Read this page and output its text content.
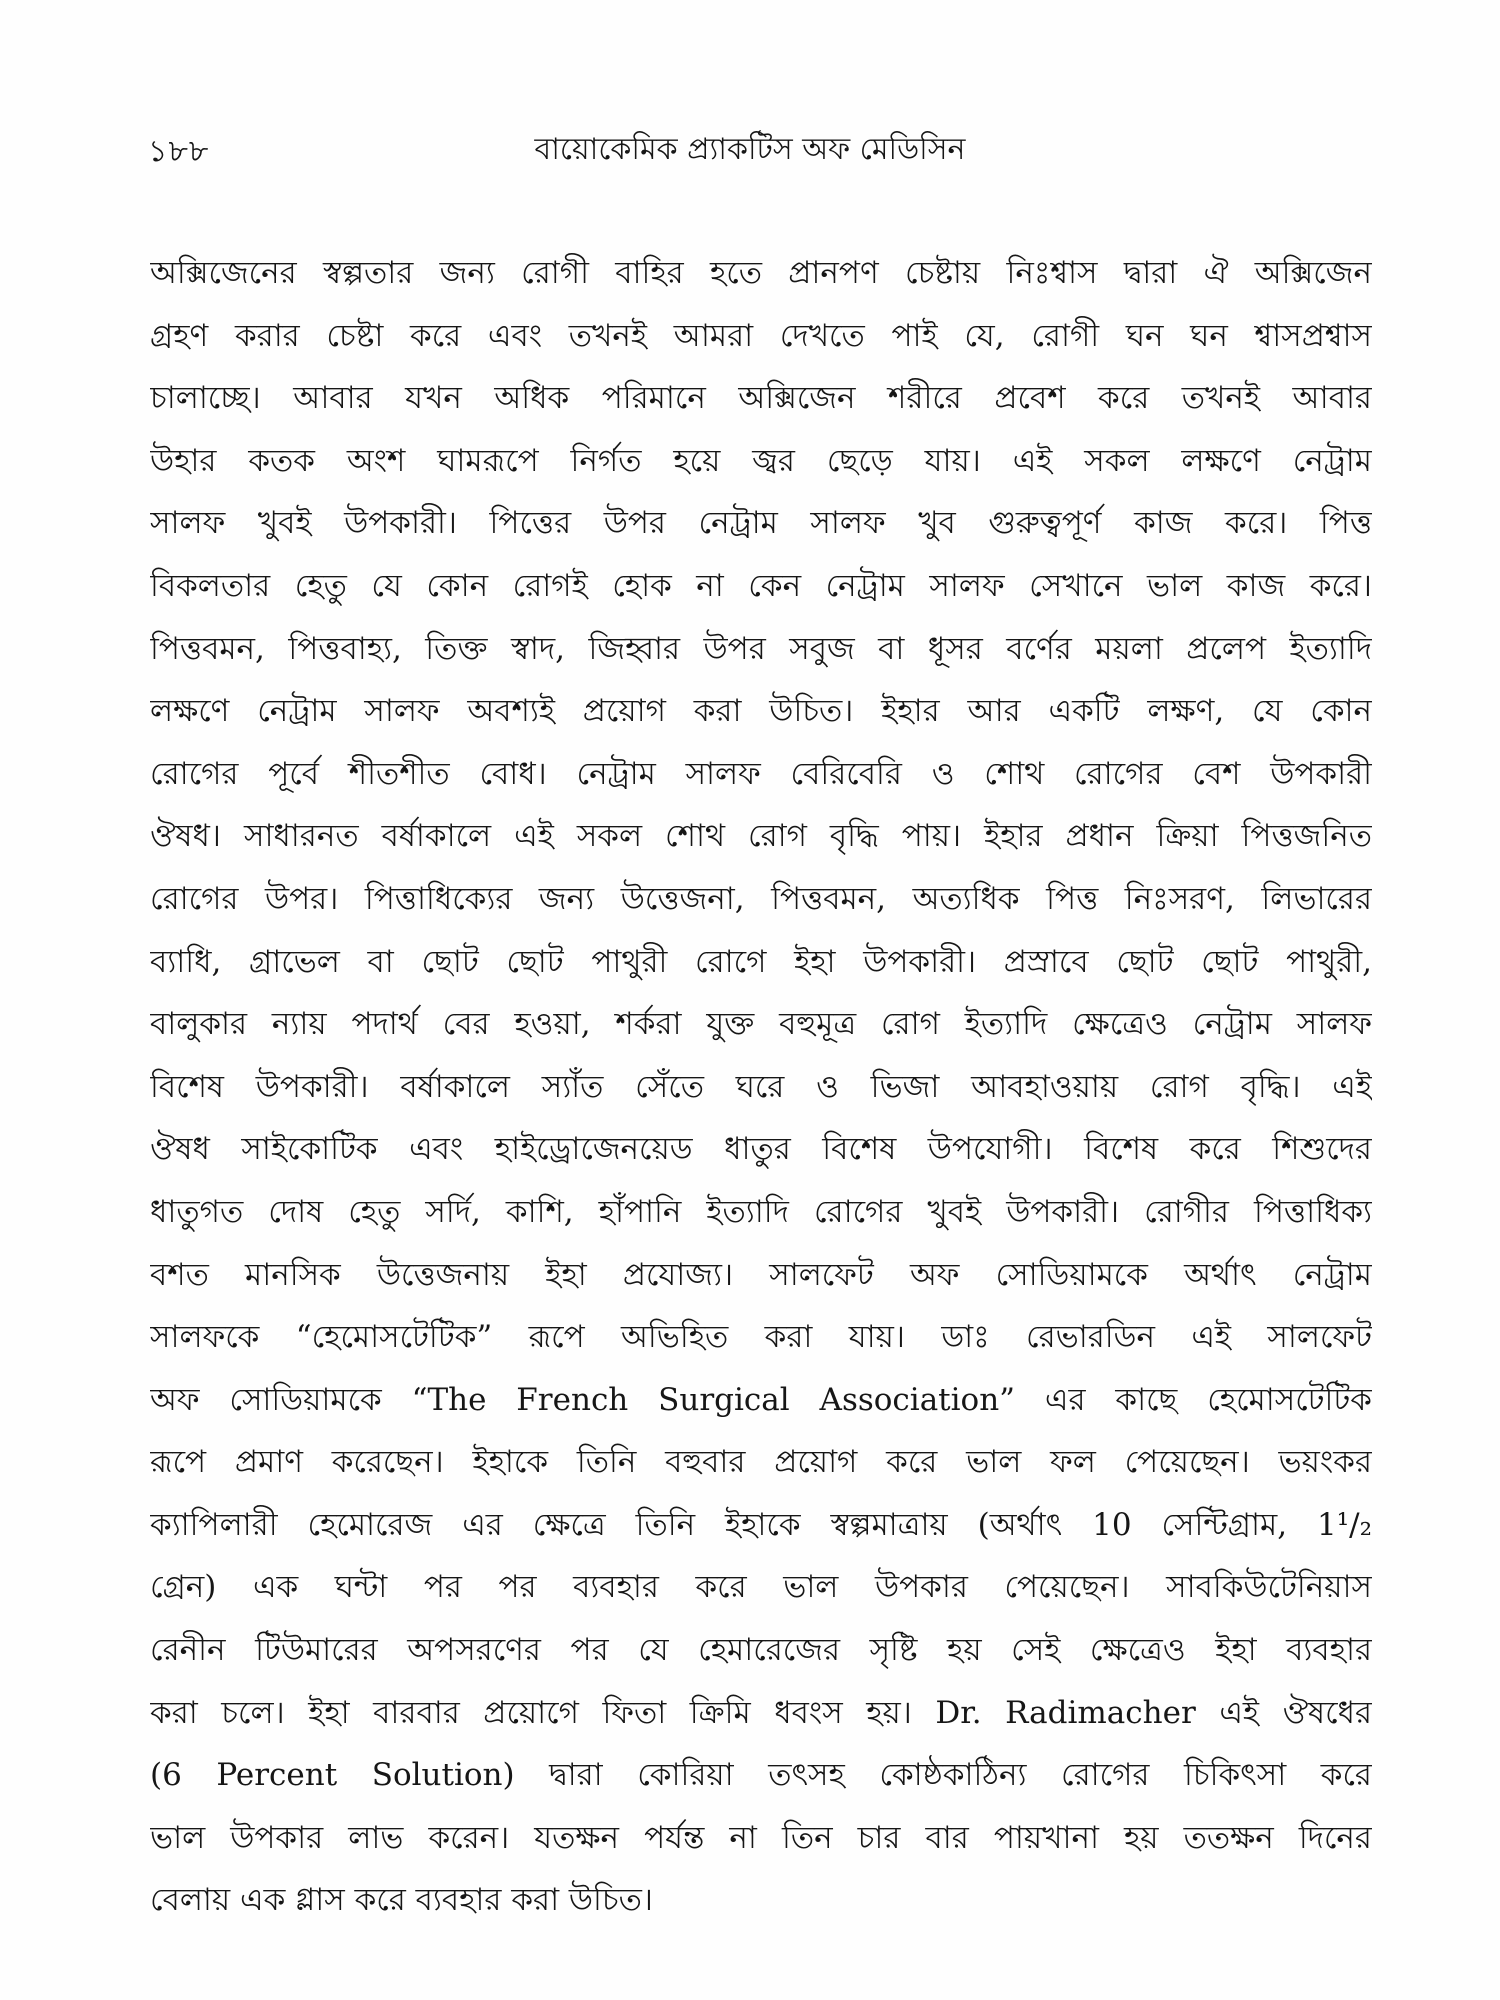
১৮৮	বায়োকেমিক প্র্যাকটিস অফ মেডিসিন
অক্সিজেনের স্বল্পতার জন্য রোগী বাহির হতে প্রানপণ চেষ্টায় নিঃশ্বাস দ্বারা ঐ অক্সিজেন
গ্রহণ করার চেষ্টা করে এবং তখনই আমরা দেখতে পাই যে, রোগী ঘন ঘন শ্বাসপ্রশ্বাস
চালাচ্ছে। আবার যখন অধিক পরিমানে অক্সিজেন শরীরে প্রবেশ করে তখনই আবার
উহার কতক অংশ ঘামরূপে নির্গত হয়ে জ্বর ছেড়ে যায়। এই সকল লক্ষণে নেট্রাম
সালফ খুবই উপকারী। পিত্তের উপর নেট্রাম সালফ খুব গুরুত্বপূর্ণ কাজ করে। পিত্ত
বিকলতার হেতু যে কোন রোগই হোক না কেন নেট্রাম সালফ সেখানে ভাল কাজ করে।
পিত্তবমন, পিত্তবাহ্য, তিক্ত স্বাদ, জিহ্বার উপর সবুজ বা ধূসর বর্ণের ময়লা প্রলেপ ইত্যাদি
লক্ষণে নেট্রাম সালফ অবশ্যই প্রয়োগ করা উচিত। ইহার আর একটি লক্ষণ, যে কোন
রোগের পূর্বে শীতশীত বোধ। নেট্রাম সালফ বেরিবেরি ও শোথ রোগের বেশ উপকারী
ঔষধ। সাধারনত বর্ষাকালে এই সকল শোথ রোগ বৃদ্ধি পায়। ইহার প্রধান ক্রিয়া পিত্তজনিত
রোগের উপর। পিত্তাধিক্যের জন্য উত্তেজনা, পিত্তবমন, অত্যধিক পিত্ত নিঃসরণ, লিভারের
ব্যাধি, গ্রাভেল বা ছোট ছোট পাথুরী রোগে ইহা উপকারী। প্রস্রাবে ছোট ছোট পাথুরী,
বালুকার ন্যায় পদার্থ বের হওয়া, শর্করা যুক্ত বহুমূত্র রোগ ইত্যাদি ক্ষেত্রেও নেট্রাম সালফ
বিশেষ উপকারী। বর্ষাকালে স্যাঁত সেঁতে ঘরে ও ভিজা আবহাওয়ায় রোগ বৃদ্ধি। এই
ঔষধ সাইকোটিক এবং হাইড্রোজেনয়েড ধাতুর বিশেষ উপযোগী। বিশেষ করে শিশুদের
ধাতুগত দোষ হেতু সর্দি, কাশি, হাঁপানি ইত্যাদি রোগের খুবই উপকারী। রোগীর পিত্তাধিক্য
বশত মানসিক উত্তেজনায় ইহা প্রযোজ্য। সালফেট অফ সোডিয়ামকে অর্থাৎ নেট্রাম
সালফকে “হেমোসটেটিক” রূপে অভিহিত করা যায়। ডাঃ রেভারডিন এই সালফেট
অফ সোডিয়ামকে “The French Surgical Association” এর কাছে হেমোসটেটিক
রূপে প্রমাণ করেছেন। ইহাকে তিনি বহুবার প্রয়োগ করে ভাল ফল পেয়েছেন। ভয়ংকর
ক্যাপিলারী হেমোরেজ এর ক্ষেত্রে তিনি ইহাকে স্বল্পমাত্রায় (অর্থাৎ 10 সেন্টিগ্রাম, 1¹/₂
গ্রেন) এক ঘন্টা পর পর ব্যবহার করে ভাল উপকার পেয়েছেন। সাবকিউটেনিয়াস
রেনীন টিউমারের অপসরণের পর যে হেমারেজের সৃষ্টি হয় সেই ক্ষেত্রেও ইহা ব্যবহার
করা চলে। ইহা বারবার প্রয়োগে ফিতা ক্রিমি ধবংস হয়। Dr. Radimacher এই ঔষধের
(6 Percent Solution) দ্বারা কোরিয়া তৎসহ কোষ্ঠকাঠিন্য রোগের চিকিৎসা করে
ভাল উপকার লাভ করেন। যতক্ষন পর্যন্ত না তিন চার বার পায়খানা হয় ততক্ষন দিনের
বেলায় এক গ্লাস করে ব্যবহার করা উচিত।
